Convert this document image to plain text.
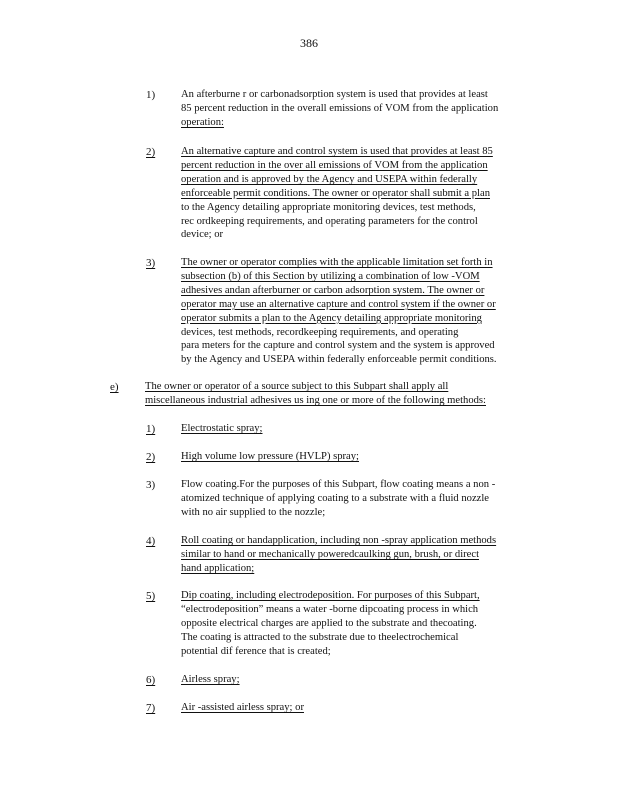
386
1) An afterburne r or carbonadsorption system is used that provides at least
85 percent reduction in the overall emissions of VOM from the application
operation:
2) An alternative capture and control system is used that provides at least 85
percent reduction in the over all emissions of VOM from the application
operation and is approved by the Agency and USEPA within federally
enforceable permit conditions. The owner or operator shall submit a plan
to the Agency detailing appropriate monitoring devices, test methods,
rec ordkeeping requirements, and operating parameters for the control
device; or
3) The owner or operator complies with the applicable limitation set forth in
subsection (b) of this Section by utilizing a combination of low -VOM
adhesives andan afterburner or carbon adsorption system. The owner or
operator may use an alternative capture and control system if the owner or
operator submits a plan to the Agency detailing appropriate monitoring
devices, test methods, recordkeeping requirements, and operating
para meters for the capture and control system and the system is approved
by the Agency and USEPA within federally enforceable permit conditions.
e) The owner or operator of a source subject to this Subpart shall apply all
miscellaneous industrial adhesives us ing one or more of the following methods:
1) Electrostatic spray;
2) High volume low pressure (HVLP) spray;
3) Flow coating.For the purposes of this Subpart, flow coating means a non -
atomized technique of applying coating to a substrate with a fluid nozzle
with no air supplied to the nozzle;
4) Roll coating or handapplication, including non -spray application methods
similar to hand or mechanically poweredcaulking gun, brush, or direct
hand application;
5) Dip coating, including electrodeposition. For purposes of this Subpart,
“electrodeposition” means a water -borne dipcoating process in which
opposite electrical charges are applied to the substrate and thecoating.
The coating is attracted to the substrate due to theelectrochemical
potential dif ference that is created;
6) Airless spray;
7) Air -assisted airless spray; or
